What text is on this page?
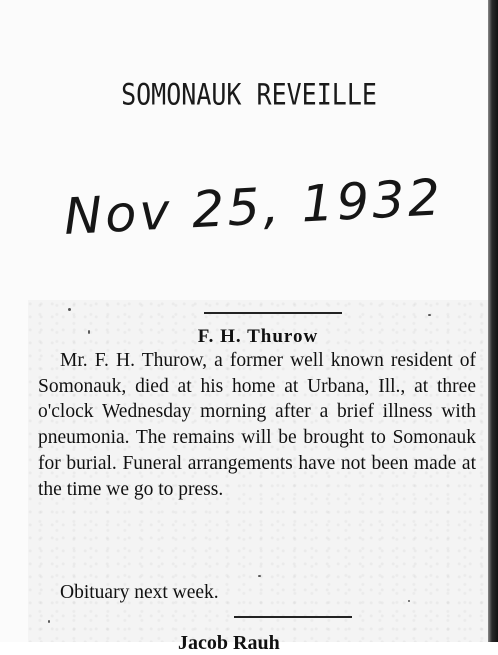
SOMONAUK REVEILLE
Nov 25, 1932
F. H. Thurow

Mr. F. H. Thurow, a former well known resident of Somonauk, died at his home at Urbana, Ill., at three o'clock Wednesday morning after a brief illness with pneumonia. The remains will be brought to Somonauk for burial. Funeral arrangements have not been made at the time we go to press.

Obituary next week.
Jacob Rauh
